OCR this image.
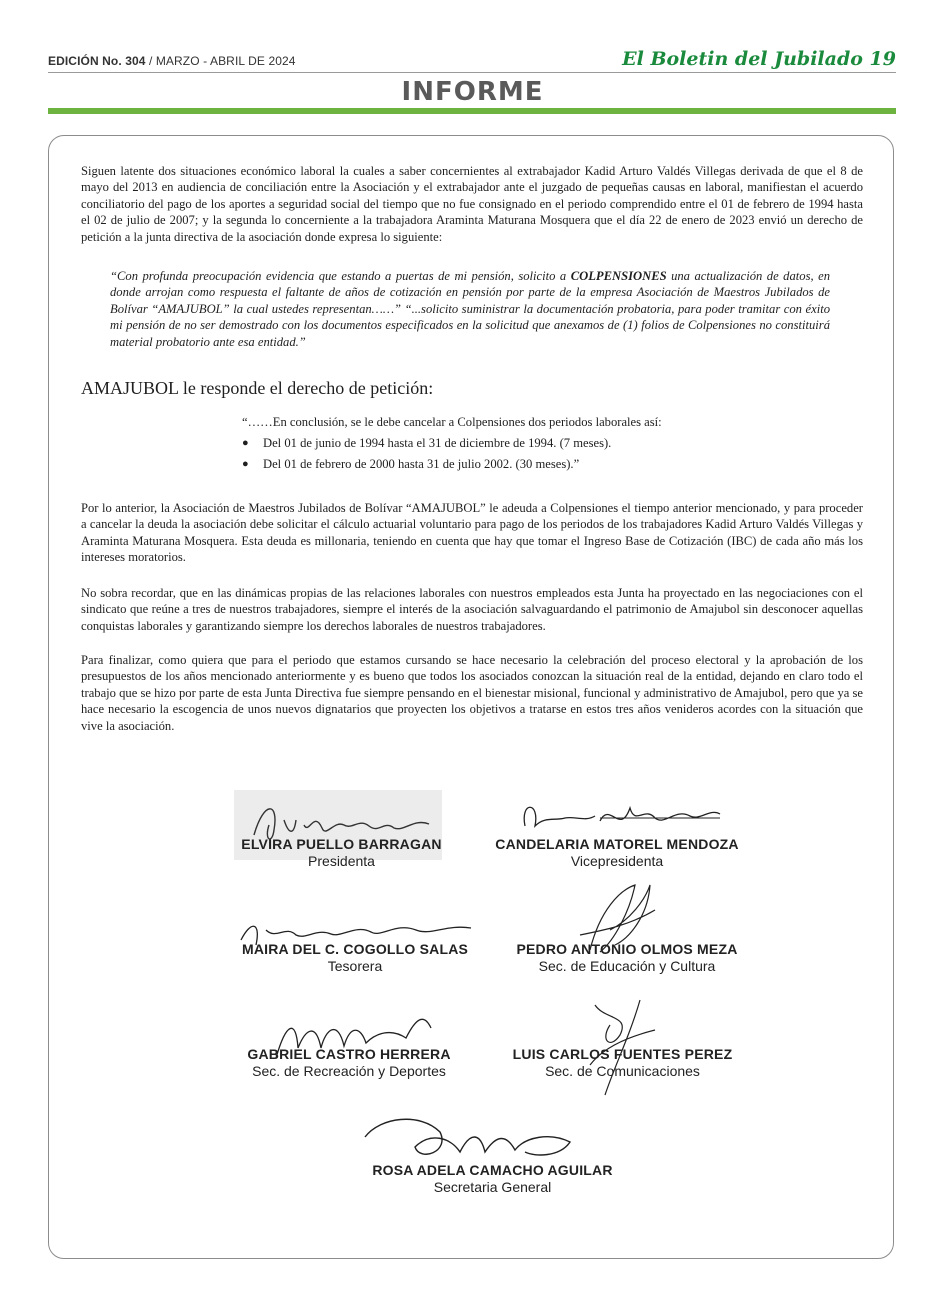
EDICIÓN No. 304 / MARZO - ABRIL DE 2024	El Boletin del Jubilado 19
INFORME

Siguen latente dos situaciones económico laboral la cuales a saber concernientes al extrabajador Kadid Arturo Valdés Villegas derivada de que el 8 de mayo del 2013 en audiencia de conciliación entre la Asociación y el extrabajador ante el juzgado de pequeñas causas en laboral, manifiestan el acuerdo conciliatorio del pago de los aportes a seguridad social del tiempo que no fue consignado en el periodo comprendido entre el 01 de febrero de 1994 hasta el 02 de julio de 2007; y la segunda lo concerniente a la trabajadora Araminta Maturana Mosquera que el día 22 de enero de 2023 envió un derecho de petición a la junta directiva de la asociación donde expresa lo siguiente:

“Con profunda preocupación evidencia que estando a puertas de mi pensión, solicito a COLPENSIONES una actualización de datos, en donde arrojan como respuesta el faltante de años de cotización en pensión por parte de la empresa Asociación de Maestros Jubilados de Bolívar “AMAJUBOL” la cual ustedes representan……” “...solicito suministrar la documentación probatoria, para poder tramitar con éxito mi pensión de no ser demostrado con los documentos especificados en la solicitud que anexamos de (1) folios de Colpensiones no constituirá material probatorio ante esa entidad.”

AMAJUBOL le responde el derecho de petición:
“……En conclusión, se le debe cancelar a Colpensiones dos periodos laborales así:
●	Del 01 de junio de 1994 hasta el 31 de diciembre de 1994. (7 meses).
●	Del 01 de febrero de 2000 hasta 31 de julio 2002. (30 meses).”

Por lo anterior, la Asociación de Maestros Jubilados de Bolívar “AMAJUBOL” le adeuda a Colpensiones el tiempo anterior mencionado, y para proceder a cancelar la deuda la asociación debe solicitar el cálculo actuarial voluntario para pago de los periodos de los trabajadores Kadid Arturo Valdés Villegas y Araminta Maturana Mosquera. Esta deuda es millonaria, teniendo en cuenta que hay que tomar el Ingreso Base de Cotización (IBC) de cada año más los intereses moratorios.

No sobra recordar, que en las dinámicas propias de las relaciones laborales con nuestros empleados esta Junta ha proyectado en las negociaciones con el sindicato que reúne a tres de nuestros trabajadores, siempre el interés de la asociación salvaguardando el patrimonio de Amajubol sin desconocer aquellas conquistas laborales y garantizando siempre los derechos laborales de nuestros trabajadores.

Para finalizar, como quiera que para el periodo que estamos cursando se hace necesario la celebración del proceso electoral y la aprobación de los presupuestos de los años mencionado anteriormente y es bueno que todos los asociados conozcan la situación real de la entidad, dejando en claro todo el trabajo que se hizo por parte de esta Junta Directiva fue siempre pensando en el bienestar misional, funcional y administrativo de Amajubol, pero que ya se hace necesario la escogencia de unos nuevos dignatarios que proyecten los objetivos a tratarse en estos tres años venideros acordes con la situación que vive la asociación.

ELVIRA PUELLO BARRAGAN
Presidenta
CANDELARIA MATOREL MENDOZA
Vicepresidenta
MAIRA DEL C. COGOLLO SALAS
Tesorera
PEDRO ANTONIO OLMOS MEZA
Sec. de Educación y Cultura
GABRIEL CASTRO HERRERA
Sec. de Recreación y Deportes
LUIS CARLOS FUENTES PEREZ
Sec. de Comunicaciones
ROSA ADELA CAMACHO AGUILAR
Secretaria General
